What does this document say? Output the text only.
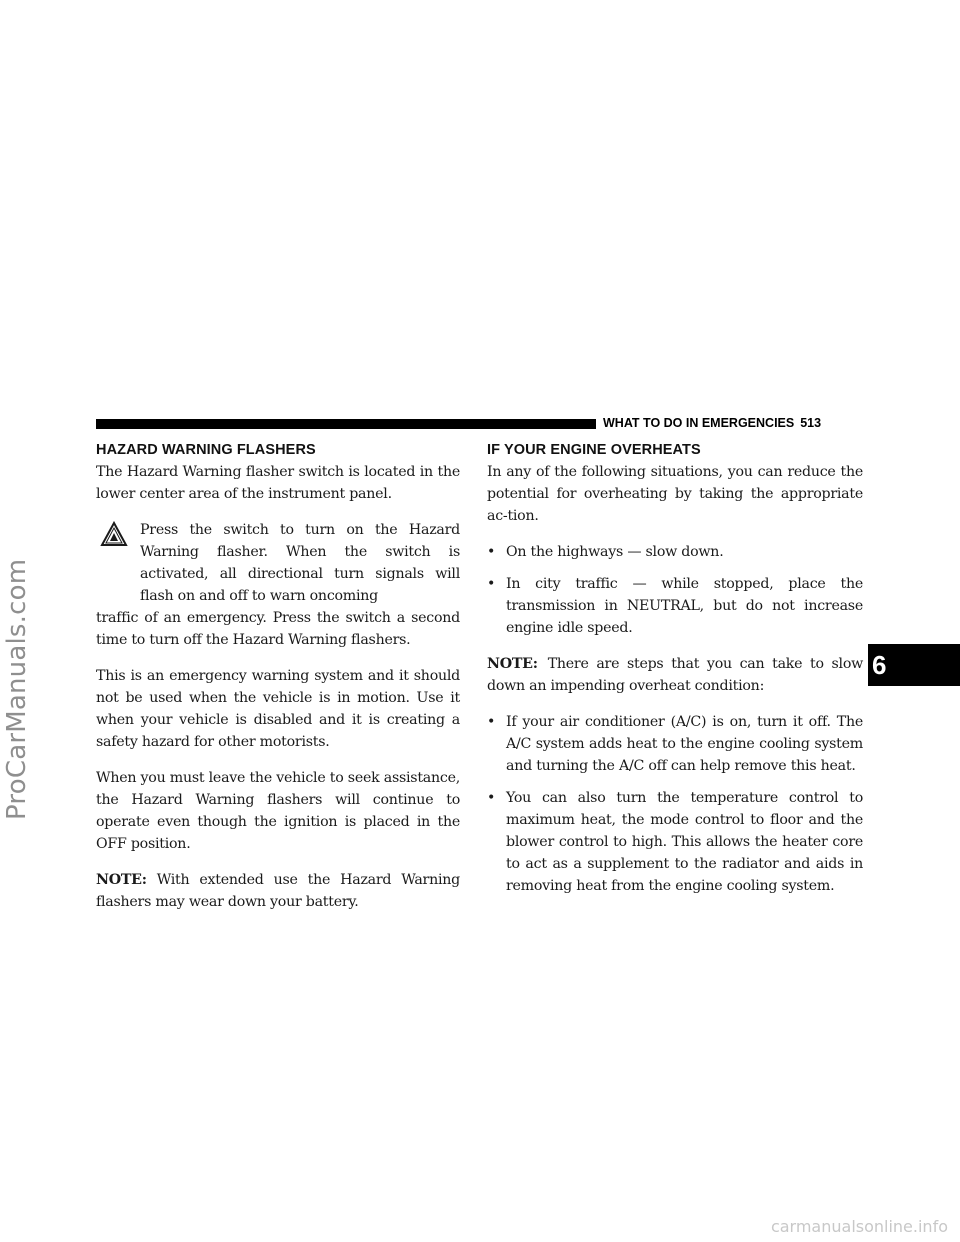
ProCarManuals.com
carmanualsonline.info
WHAT TO DO IN EMERGENCIES 513
6
HAZARD WARNING FLASHERS

The Hazard Warning flasher switch is located in the lower center area of the instrument panel.

Press the switch to turn on the Hazard Warning flasher. When the switch is activated, all directional turn signals will flash on and off to warn oncoming

traffic of an emergency. Press the switch a second time to turn off the Hazard Warning flashers.

This is an emergency warning system and it should not be used when the vehicle is in motion. Use it when your vehicle is disabled and it is creating a safety hazard for other motorists.

When you must leave the vehicle to seek assistance, the Hazard Warning flashers will continue to operate even though the ignition is placed in the OFF position.

NOTE: With extended use the Hazard Warning flashers may wear down your battery.

IF YOUR ENGINE OVERHEATS

In any of the following situations, you can reduce the potential for overheating by taking the appropriate ac-tion.

• On the highways — slow down.
• In city traffic — while stopped, place the transmission in NEUTRAL, but do not increase engine idle speed.

NOTE: There are steps that you can take to slow down an impending overheat condition:

• If your air conditioner (A/C) is on, turn it off. The A/C system adds heat to the engine cooling system and turning the A/C off can help remove this heat.
• You can also turn the temperature control to maximum heat, the mode control to floor and the blower control to high. This allows the heater core to act as a supplement to the radiator and aids in removing heat from the engine cooling system.
